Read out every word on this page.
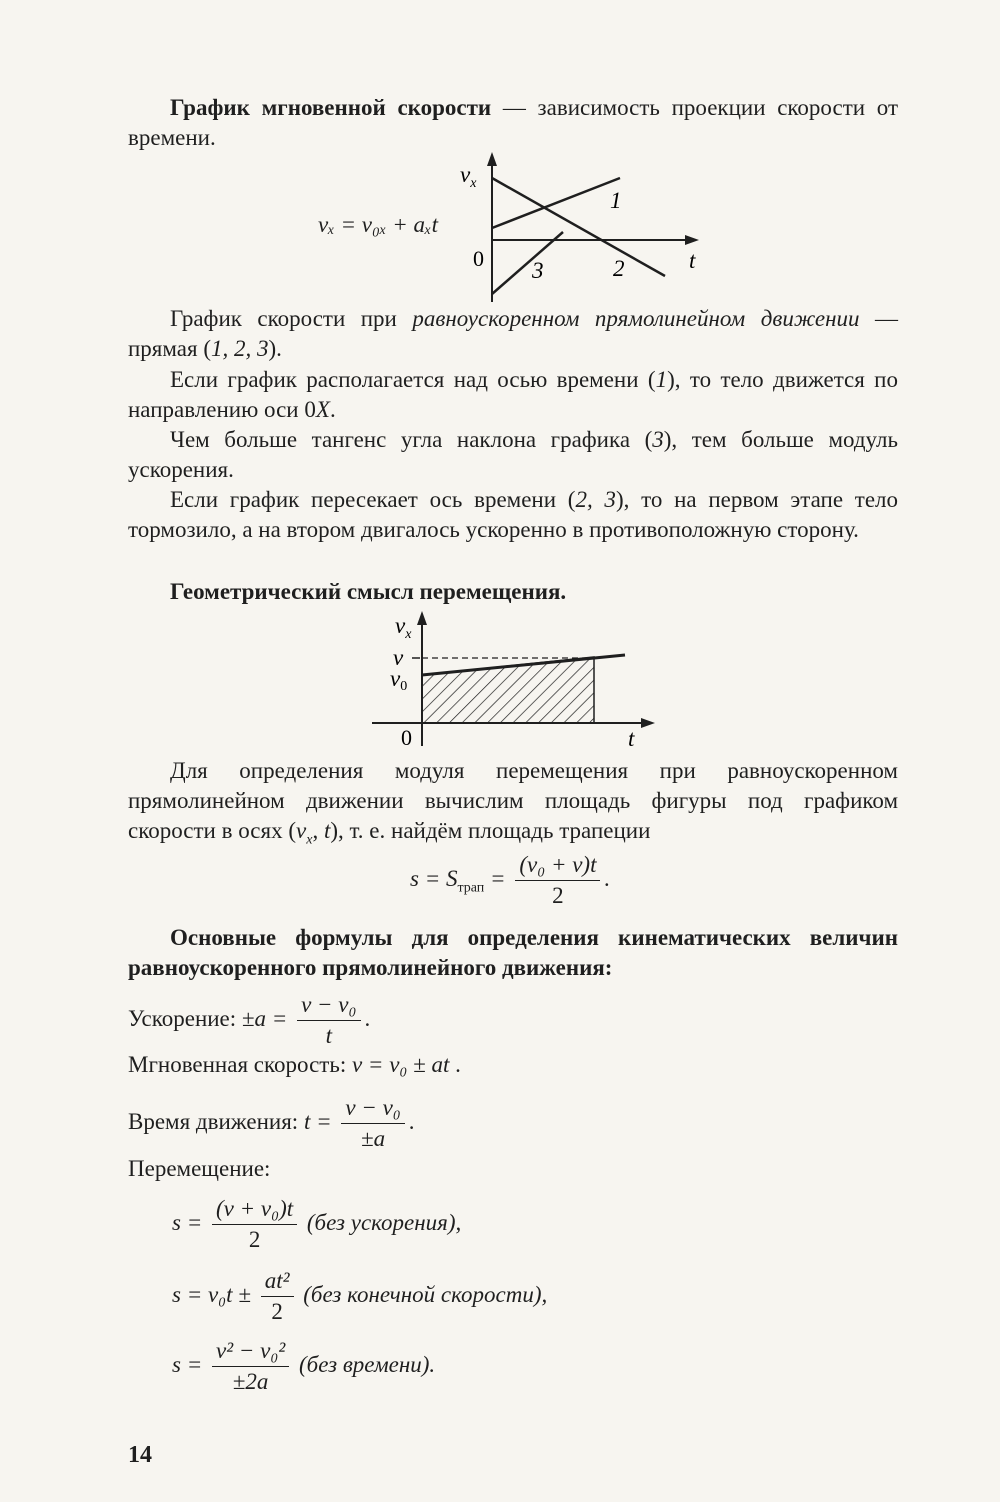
График мгновенной скорости — зависимость проекции скорости от времени.
vₓ = v₀ₓ + aₓt
$v_x$
0	t
1
2
3
График скорости при равноускоренном прямолинейном движении — прямая (1, 2, 3).
Если график располагается над осью времени (1), то тело движется по направлению оси 0X.
Чем больше тангенс угла наклона графика (3), тем больше модуль ускорения.
Если график пересекает ось времени (2, 3), то на первом этапе тело тормозило, а на втором двигалось ускоренно в противоположную сторону.
Геометрический смысл перемещения.
$v_x$
v
v0
0	t
Для определения модуля перемещения при равноускоренном прямолинейном движении вычислим площадь фигуры под графиком скорости в осях ($v_x$, t), т. е. найдём площадь трапеции
$s = S_{трап} = \frac{\text{(v₀ + v)t}}{2}$ .
Основные формулы для определения кинематических величин равноускоренного прямолинейного движения:
Ускорение: $\pm a = \frac{\text{v − v₀}}{t}$ .
Мгновенная скорость: v = v₀ ± at .
Время движения: $t = \frac{\text{v − v₀}}{\pm a}$ .
Перемещение:
$s = \frac{\text{(v + v₀)t}}{2} (без$ ускорения),
$s = v_0t \pm \frac{\text{at²}}{2} (без$ конечной скорости),
$s = \frac{\text{v² − v₀²}}{\pm 2a} (без$ времени).
14
